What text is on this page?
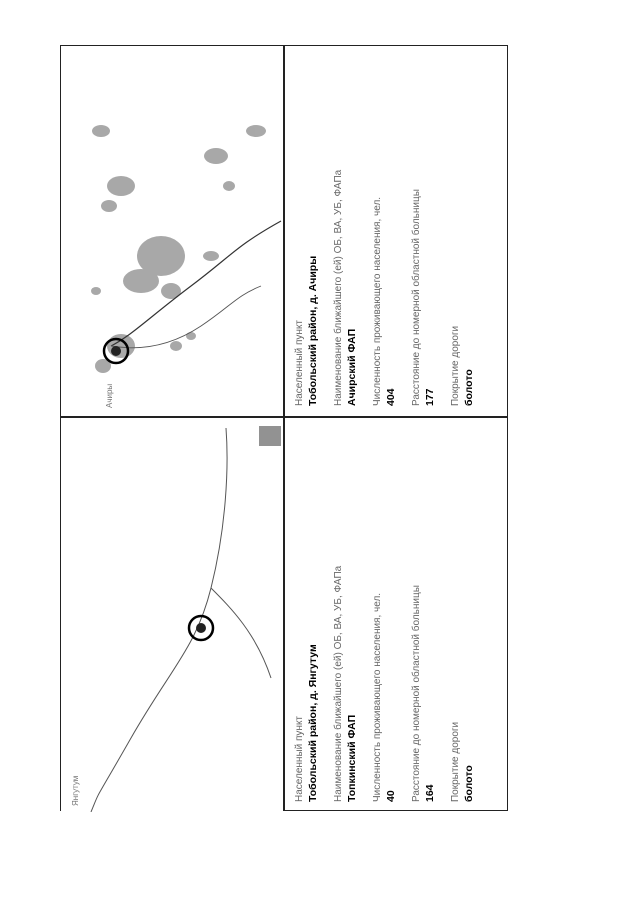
Ачиры	Населенный пункт Тобольский район, д. Ачиры Наименование ближайшего (ей) ОБ, ВА, УБ, ФАПа Ачирский ФАП Численность проживающего населения, чел. 404 Расстояние до номерной областной больницы 177 Покрытие дороги болото

Янгутум	Населенный пункт Тобольский район, д. Янгутум Наименование ближайшего (ей) ОБ, ВА, УБ, ФАПа Топкинский ФАП Численность проживающего населения, чел. 40 Расстояние до номерной областной больницы 164 Покрытие дороги болото
